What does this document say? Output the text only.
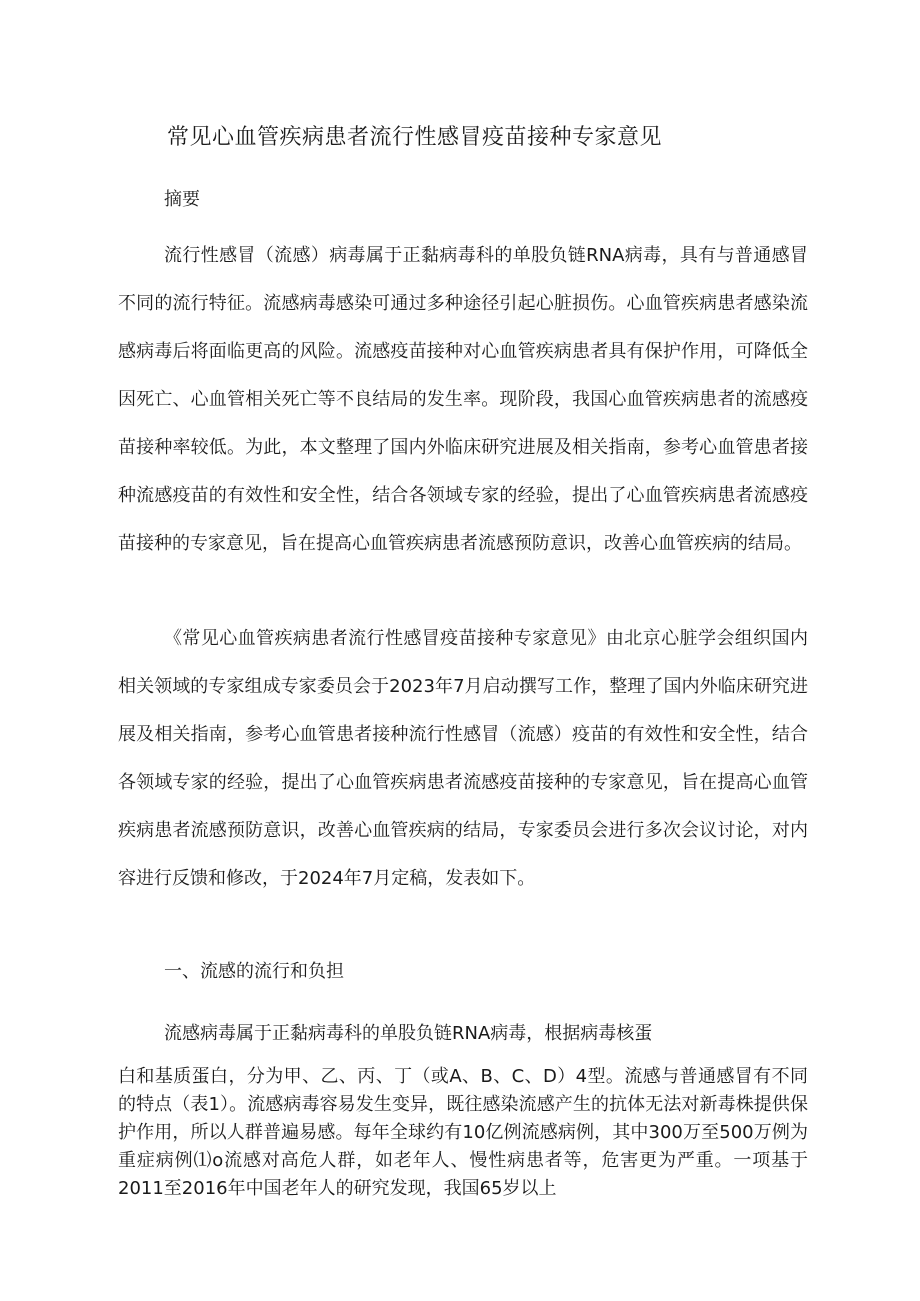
常见心血管疾病患者流行性感冒疫苗接种专家意见
摘要

流行性感冒（流感）病毒属于正黏病毒科的单股负链RNA病毒，具有与普通感冒不同的流行特征。流感病毒感染可通过多种途径引起心脏损伤。心血管疾病患者感染流感病毒后将面临更高的风险。流感疫苗接种对心血管疾病患者具有保护作用，可降低全因死亡、心血管相关死亡等不良结局的发生率。现阶段，我国心血管疾病患者的流感疫苗接种率较低。为此，本文整理了国内外临床研究进展及相关指南，参考心血管患者接种流感疫苗的有效性和安全性，结合各领域专家的经验，提出了心血管疾病患者流感疫苗接种的专家意见，旨在提高心血管疾病患者流感预防意识，改善心血管疾病的结局。

《常见心血管疾病患者流行性感冒疫苗接种专家意见》由北京心脏学会组织国内相关领域的专家组成专家委员会于2023年7月启动撰写工作，整理了国内外临床研究进展及相关指南，参考心血管患者接种流行性感冒（流感）疫苗的有效性和安全性，结合各领域专家的经验，提出了心血管疾病患者流感疫苗接种的专家意见，旨在提高心血管疾病患者流感预防意识，改善心血管疾病的结局，专家委员会进行多次会议讨论，对内容进行反馈和修改，于2024年7月定稿，发表如下。

一、流感的流行和负担

流感病毒属于正黏病毒科的单股负链RNA病毒，根据病毒核蛋

白和基质蛋白，分为甲、乙、丙、丁（或A、B、C、D）4型。流感与普通感冒有不同的特点（表1）。流感病毒容易发生变异，既往感染流感产生的抗体无法对新毒株提供保护作用，所以人群普遍易感。每年全球约有10亿例流感病例，其中300万至500万例为重症病例⑴o流感对高危人群，如老年人、慢性病患者等，危害更为严重。一项基于2011至2016年中国老年人的研究发现，我国65岁以上
